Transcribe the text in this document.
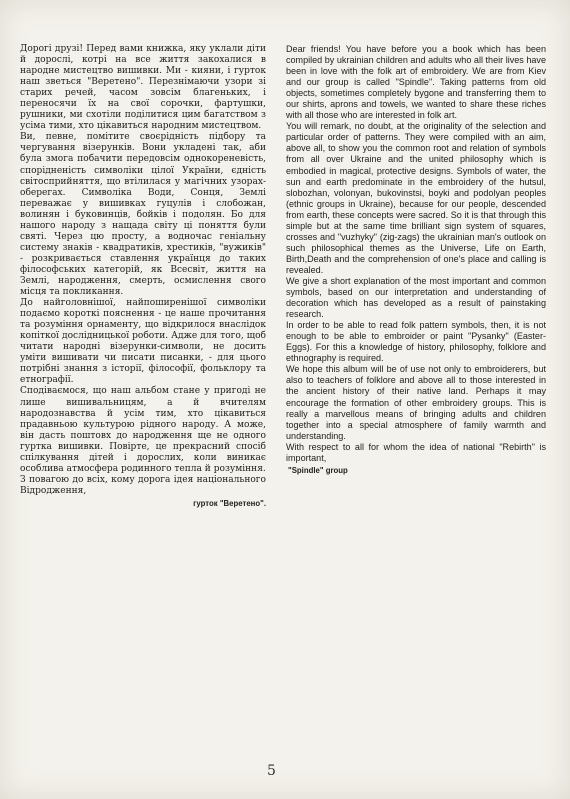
Дорогі друзі! Перед вами книжка, яку уклали діти й дорослі, котрі на все життя закохалися в народне мистецтво вишивки. Ми - кияни, і гурток наш зветься "Веретено". Перезнімаючи узори зі старих речей, часом зовсім благеньких, і переносячи їх на свої сорочки, фартушки, рушники, ми схотіли поділитися цим багатством з усіма тими, хто цікавиться народним мистецтвом.

Ви, певне, помітите своєрідність підбору та чергування візерунків. Вони укладені так, аби була змога побачити передовсім однокореневість, споріднeність символіки цілої України, єдність світосприйняття, що втілилася у магічних узорах-оберегах. Символіка Води, Сонця, Землі переважає у вишивках гуцулів і слобожан, волинян і буковинців, бойків і подолян. Бо для нашого народу з нащада світу ці поняття були святі. Через цю просту, а водночас геніальну систему знаків - квадратиків, хрестиків, "вужиків" - розкривається ставлення українця до таких філософських категорій, як Всесвіт, життя на Землі, народження, смерть, осмислення свого місця та покликання.

До найголовнішої, найпоширенішої символіки подаємо короткі пояснення - це наше прочитання та розуміння орнаменту, що відкрилося внаслідок копіткої дослідницької роботи. Адже для того, щоб читати народні візерунки-символи, не досить уміти вишивати чи писати писанки, - для цього потрібні знання з історії, філософії, фольклору та етнографії.

Сподіваємося, що наш альбом стане у пригоді не лише вишивальницям, а й вчителям народознавства й усім тим, хто цікавиться прадавньою культурою рідного народу. А може, він дасть поштовх до народження ще не одного гуртка вишивки. Повірте, це прекрасний спосіб спілкування дітей і дорослих, коли виникає особлива атмосфера родинного тепла й розуміння.

З повагою до всіх, кому дорога ідея національного Відродження,

гурток "Веретено".

Dear friends! You have before you a book which has been compiled by ukrainian children and adults who all their lives have been in love with the folk art of embroidery. We are from Kiev and our group is called "Spindle". Taking patterns from old objects, sometimes completely bygone and transferring them to our shirts, aprons and towels, we wanted to share these riches with all those who are interested in folk art.

You will remark, no doubt, at the originality of the selection and particular order of patterns. They were compiled with an aim, above all, to show you the common root and relation of symbols from all over Ukraine and the united philosophy which is embodied in magical, protective designs. Symbols of water, the sun and earth predominate in the embroidery of the hutsul, slobozhan, volonyan, bukovinstsi, boyki and podolyan peoples (ethnic groups in Ukraine), because for our people, descended from earth, these concepts were sacred. So it is that through this simple but at the same time brilliant sign system of squares, crosses and "vuzhyky" (zig-zags) the ukrainian man's outlook on such philosophical themes as the Universe, Life on Earth, Birth,Death and the comprehension of one's place and calling is revealed.

We give a short explanation of the most important and common symbols, based on our interpretation and understanding of decoration which has developed as a result of painstaking research.

In order to be able to read folk pattern symbols, then, it is not enough to be able to embroider or paint "Pysanky" (Easter-Eggs). For this a knowledge of history, philosophy, folklore and ethnography is required.

We hope this album will be of use not only to embroiderers, but also to teachers of folklore and above all to those interested in the ancient history of their native land. Perhaps it may encourage the formation of other embroidery groups. This is really a marvellous means of bringing adults and children together into a special atmosphere of family warmth and understanding.

With respect to all for whom the idea of national "Rebirth" is important,

"Spindle" group
5
